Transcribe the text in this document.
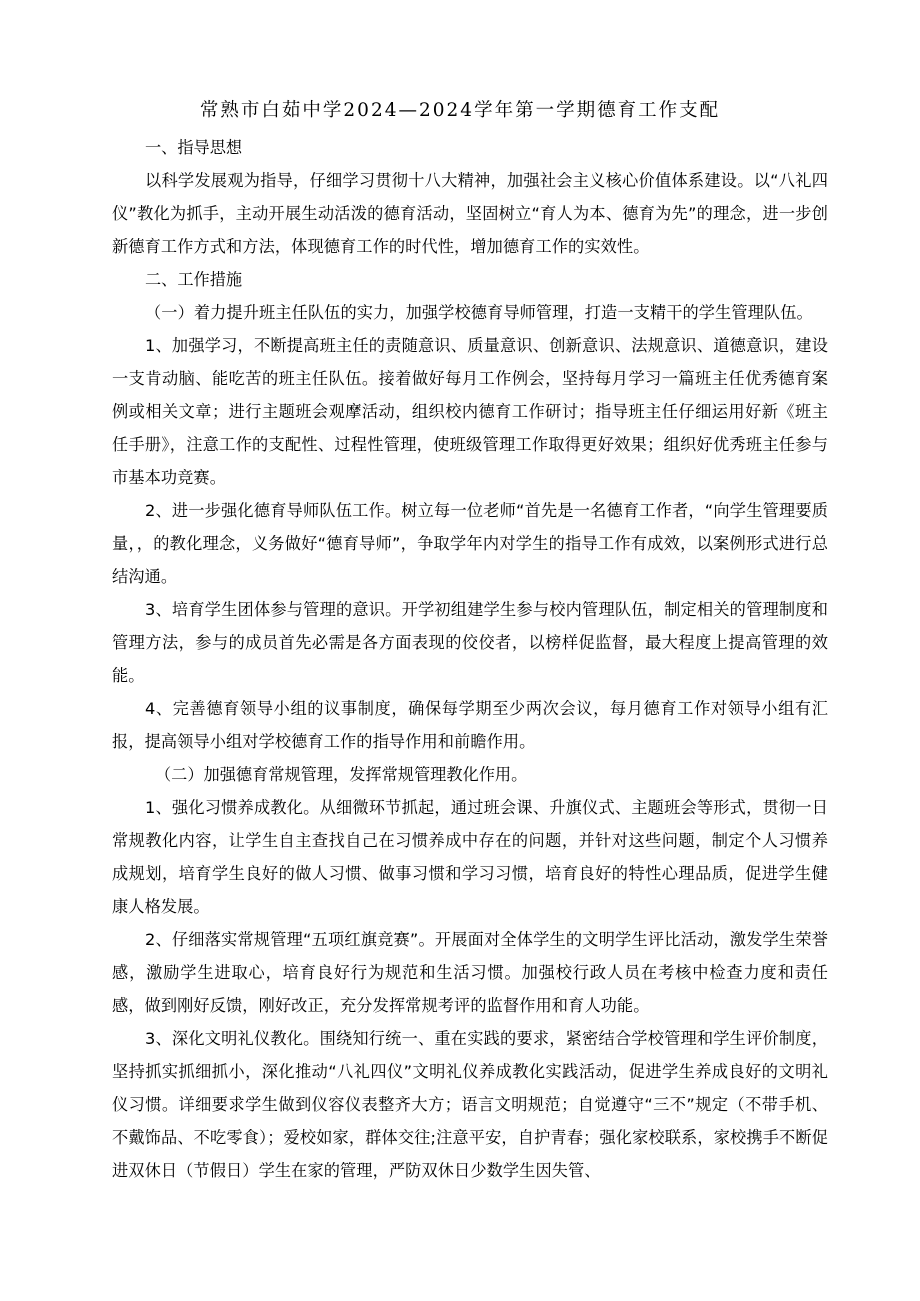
常熟市白茹中学2024—2024学年第一学期德育工作支配

一、指导思想

以科学发展观为指导，仔细学习贯彻十八大精神，加强社会主义核心价值体系建设。以“八礼四仪”教化为抓手，主动开展生动活泼的德育活动，坚固树立“育人为本、德育为先”的理念，进一步创新德育工作方式和方法，体现德育工作的时代性，增加德育工作的实效性。

二、工作措施

（一）着力提升班主任队伍的实力，加强学校德育导师管理，打造一支精干的学生管理队伍。

1、加强学习，不断提高班主任的责随意识、质量意识、创新意识、法规意识、道德意识，建设一支肯动脑、能吃苦的班主任队伍。接着做好每月工作例会，坚持每月学习一篇班主任优秀德育案例或相关文章；进行主题班会观摩活动，组织校内德育工作研讨；指导班主任仔细运用好新《班主任手册》，注意工作的支配性、过程性管理，使班级管理工作取得更好效果；组织好优秀班主任参与市基本功竞赛。

2、进一步强化德育导师队伍工作。树立每一位老师“首先是一名德育工作者，“向学生管理要质量，，的教化理念，义务做好“德育导师”，争取学年内对学生的指导工作有成效，以案例形式进行总结沟通。

3、培育学生团体参与管理的意识。开学初组建学生参与校内管理队伍，制定相关的管理制度和管理方法，参与的成员首先必需是各方面表现的佼佼者，以榜样促监督，最大程度上提高管理的效能。

4、完善德育领导小组的议事制度，确保每学期至少两次会议，每月德育工作对领导小组有汇报，提高领导小组对学校德育工作的指导作用和前瞻作用。

（二）加强德育常规管理，发挥常规管理教化作用。

1、强化习惯养成教化。从细微环节抓起，通过班会课、升旗仪式、主题班会等形式，贯彻一日常规教化内容，让学生自主查找自己在习惯养成中存在的问题，并针对这些问题，制定个人习惯养成规划，培育学生良好的做人习惯、做事习惯和学习习惯，培育良好的特性心理品质，促进学生健康人格发展。

2、仔细落实常规管理“五项红旗竞赛”。开展面对全体学生的文明学生评比活动，激发学生荣誉感，激励学生进取心，培育良好行为规范和生活习惯。加强校行政人员在考核中检查力度和责任感，做到刚好反馈，刚好改正，充分发挥常规考评的监督作用和育人功能。

3、深化文明礼仪教化。围绕知行统一、重在实践的要求，紧密结合学校管理和学生评价制度，坚持抓实抓细抓小，深化推动“八礼四仪”文明礼仪养成教化实践活动，促进学生养成良好的文明礼仪习惯。详细要求学生做到仪容仪表整齐大方；语言文明规范；自觉遵守“三不”规定（不带手机、不戴饰品、不吃零食）；爱校如家，群体交往;注意平安，自护青春；强化家校联系，家校携手不断促进双休日（节假日）学生在家的管理，严防双休日少数学生因失管、
